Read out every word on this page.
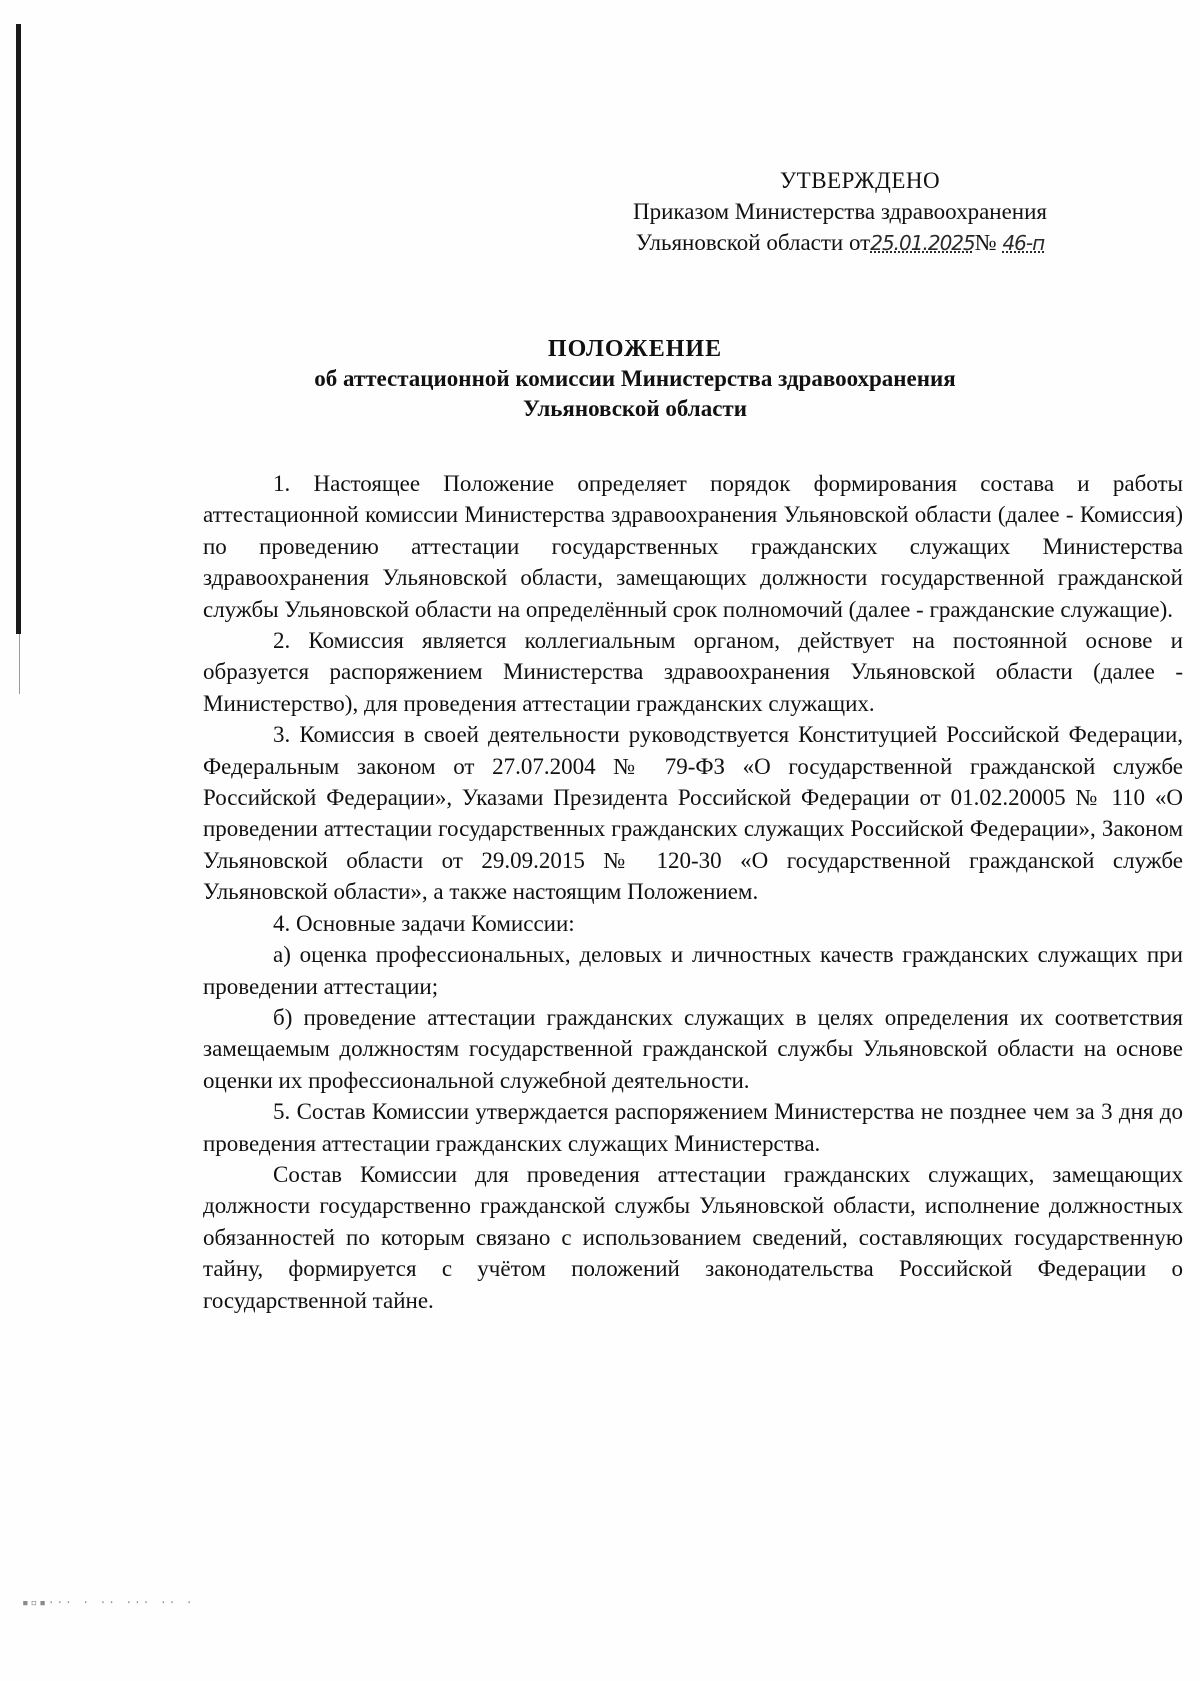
УТВЕРЖДЕНО
Приказом Министерства здравоохранения
Ульяновской области от25.01.2025№ 46-п
ПОЛОЖЕНИЕ
об аттестационной комиссии Министерства здравоохранения
Ульяновской области

1. Настоящее Положение определяет порядок формирования состава и работы аттестационной комиссии Министерства здравоохранения Ульяновской области (далее - Комиссия) по проведению аттестации государственных гражданских служащих Министерства здравоохранения Ульяновской области, замещающих должности государственной гражданской службы Ульяновской области на определённый срок полномочий (далее - гражданские служащие).

2. Комиссия является коллегиальным органом, действует на постоянной основе и образуется распоряжением Министерства здравоохранения Ульяновской области (далее - Министерство), для проведения аттестации гражданских служащих.

3. Комиссия в своей деятельности руководствуется Конституцией Российской Федерации, Федеральным законом от 27.07.2004 № 79-ФЗ «О государственной гражданской службе Российской Федерации», Указами Президента Российской Федерации от 01.02.20005 № 110 «О проведении аттестации государственных гражданских служащих Российской Федерации», Законом Ульяновской области от 29.09.2015 № 120-30 «О государственной гражданской службе Ульяновской области», а также настоящим Положением.

4. Основные задачи Комиссии:

а) оценка профессиональных, деловых и личностных качеств гражданских служащих при проведении аттестации;

б) проведение аттестации гражданских служащих в целях определения их соответствия замещаемым должностям государственной гражданской службы Ульяновской области на основе оценки их профессиональной служебной деятельности.

5. Состав Комиссии утверждается распоряжением Министерства не позднее чем за 3 дня до проведения аттестации гражданских служащих Министерства.

Состав Комиссии для проведения аттестации гражданских служащих, замещающих должности государственно гражданской службы Ульяновской области, исполнение должностных обязанностей по которым связано с использованием сведений, составляющих государственную тайну, формируется с учётом положений законодательства Российской Федерации о государственной тайне.

▪▫▪··· · ·· ··· ·· ·
